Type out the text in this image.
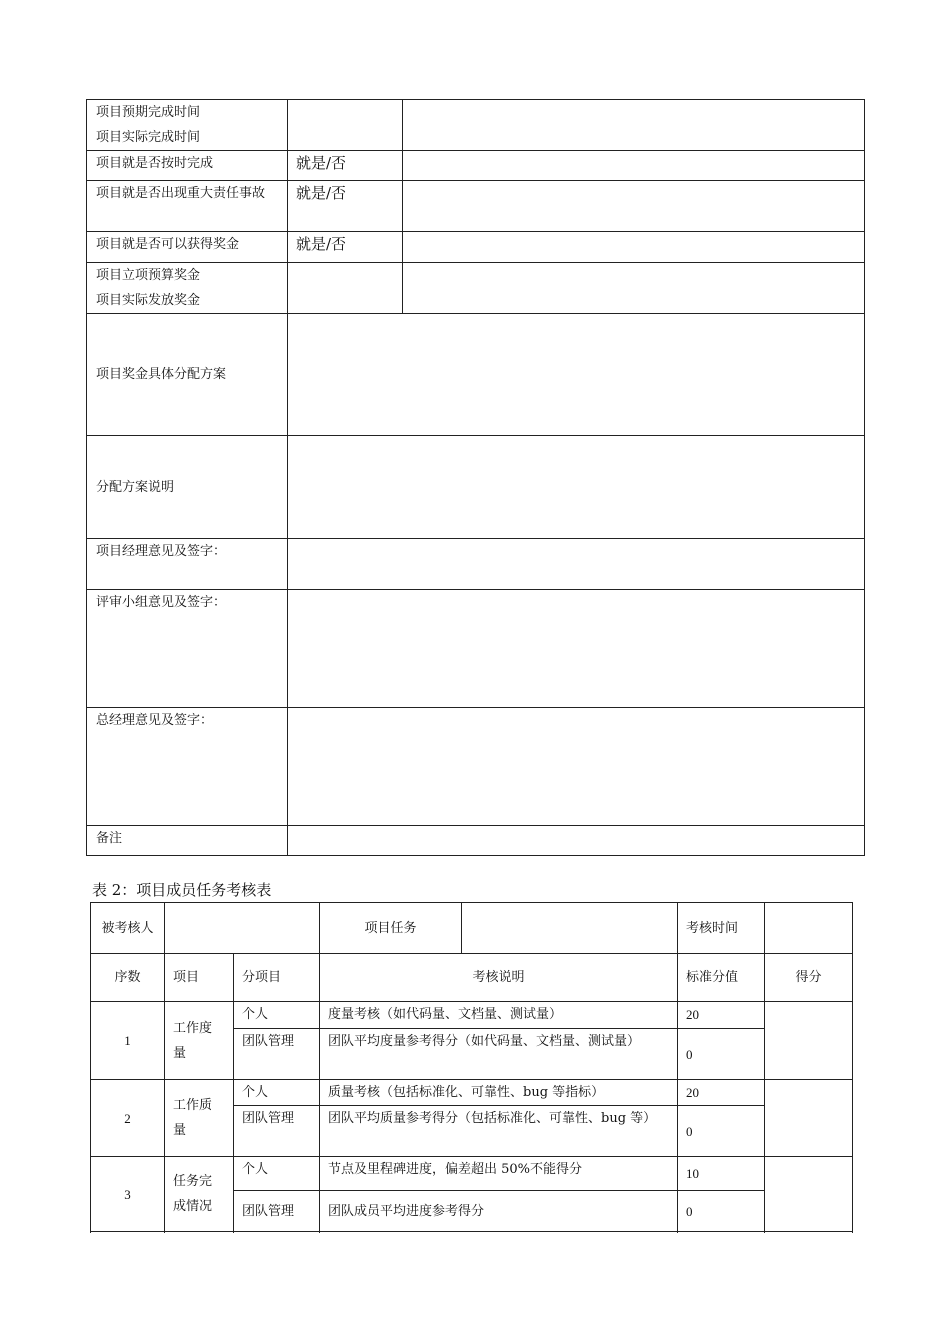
项目预期完成时间
项目实际完成时间		

项目就是否按时完成	就是/否	
项目就是否出现重大责任事故	就是/否	
项目就是否可以获得奖金	就是/否	

项目立项预算奖金
项目实际发放奖金		

项目奖金具体分配方案		
分配方案说明		
项目经理意见及签字：		
评审小组意见及签字：		
总经理意见及签字：		
备注		
表 2：项目成员任务考核表
被考核人			项目任务	考核时间	
序数	项目	分项目	考核说明	标准分值	得分
1	工作度量	个人	度量考核（如代码量、文档量、测试量）	20	
		团队管理	团队平均度量参考得分（如代码量、文档量、测试量）	0	
2	工作质量	个人	质量考核（包括标准化、可靠性、bug 等指标）	20	
		团队管理	团队平均质量参考得分（包括标准化、可靠性、bug 等）	0	
3	任务完成情况	个人	节点及里程碑进度，偏差超出 50%不能得分	10	
		团队管理	团队成员平均进度参考得分	0	
